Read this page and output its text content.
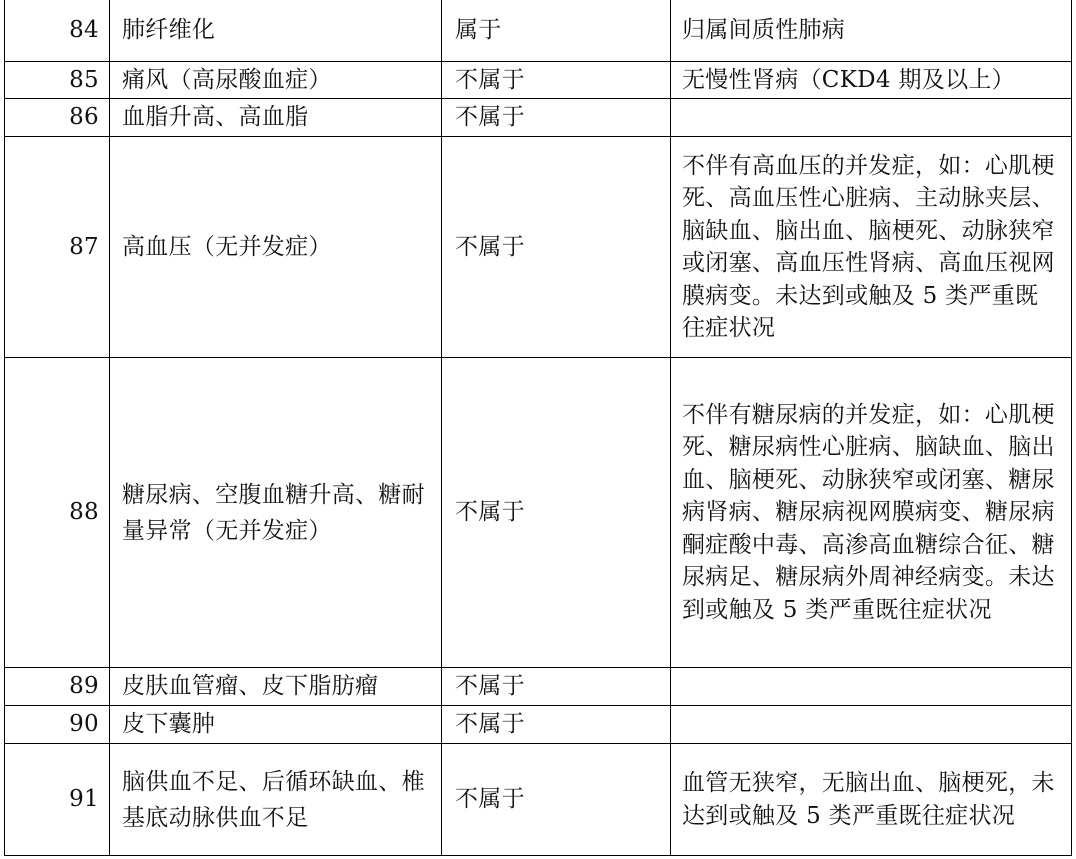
84	肺纤维化	属于	归属间质性肺病
85	痛风（高尿酸血症）	不属于	无慢性肾病（CKD4 期及以上）
86	血脂升高、高血脂	不属于	
87	高血压（无并发症）	不属于	不伴有高血压的并发症，如：心肌梗死、高血压性心脏病、主动脉夹层、脑缺血、脑出血、脑梗死、动脉狭窄或闭塞、高血压性肾病、高血压视网膜病变。未达到或触及 5 类严重既往症状况
88	糖尿病、空腹血糖升高、糖耐量异常（无并发症）	不属于	不伴有糖尿病的并发症，如：心肌梗死、糖尿病性心脏病、脑缺血、脑出血、脑梗死、动脉狭窄或闭塞、糖尿病肾病、糖尿病视网膜病变、糖尿病酮症酸中毒、高渗高血糖综合征、糖尿病足、糖尿病外周神经病变。未达到或触及 5 类严重既往症状况
89	皮肤血管瘤、皮下脂肪瘤	不属于	
90	皮下囊肿	不属于	
91	脑供血不足、后循环缺血、椎基底动脉供血不足	不属于	血管无狭窄，无脑出血、脑梗死，未达到或触及 5 类严重既往症状况
